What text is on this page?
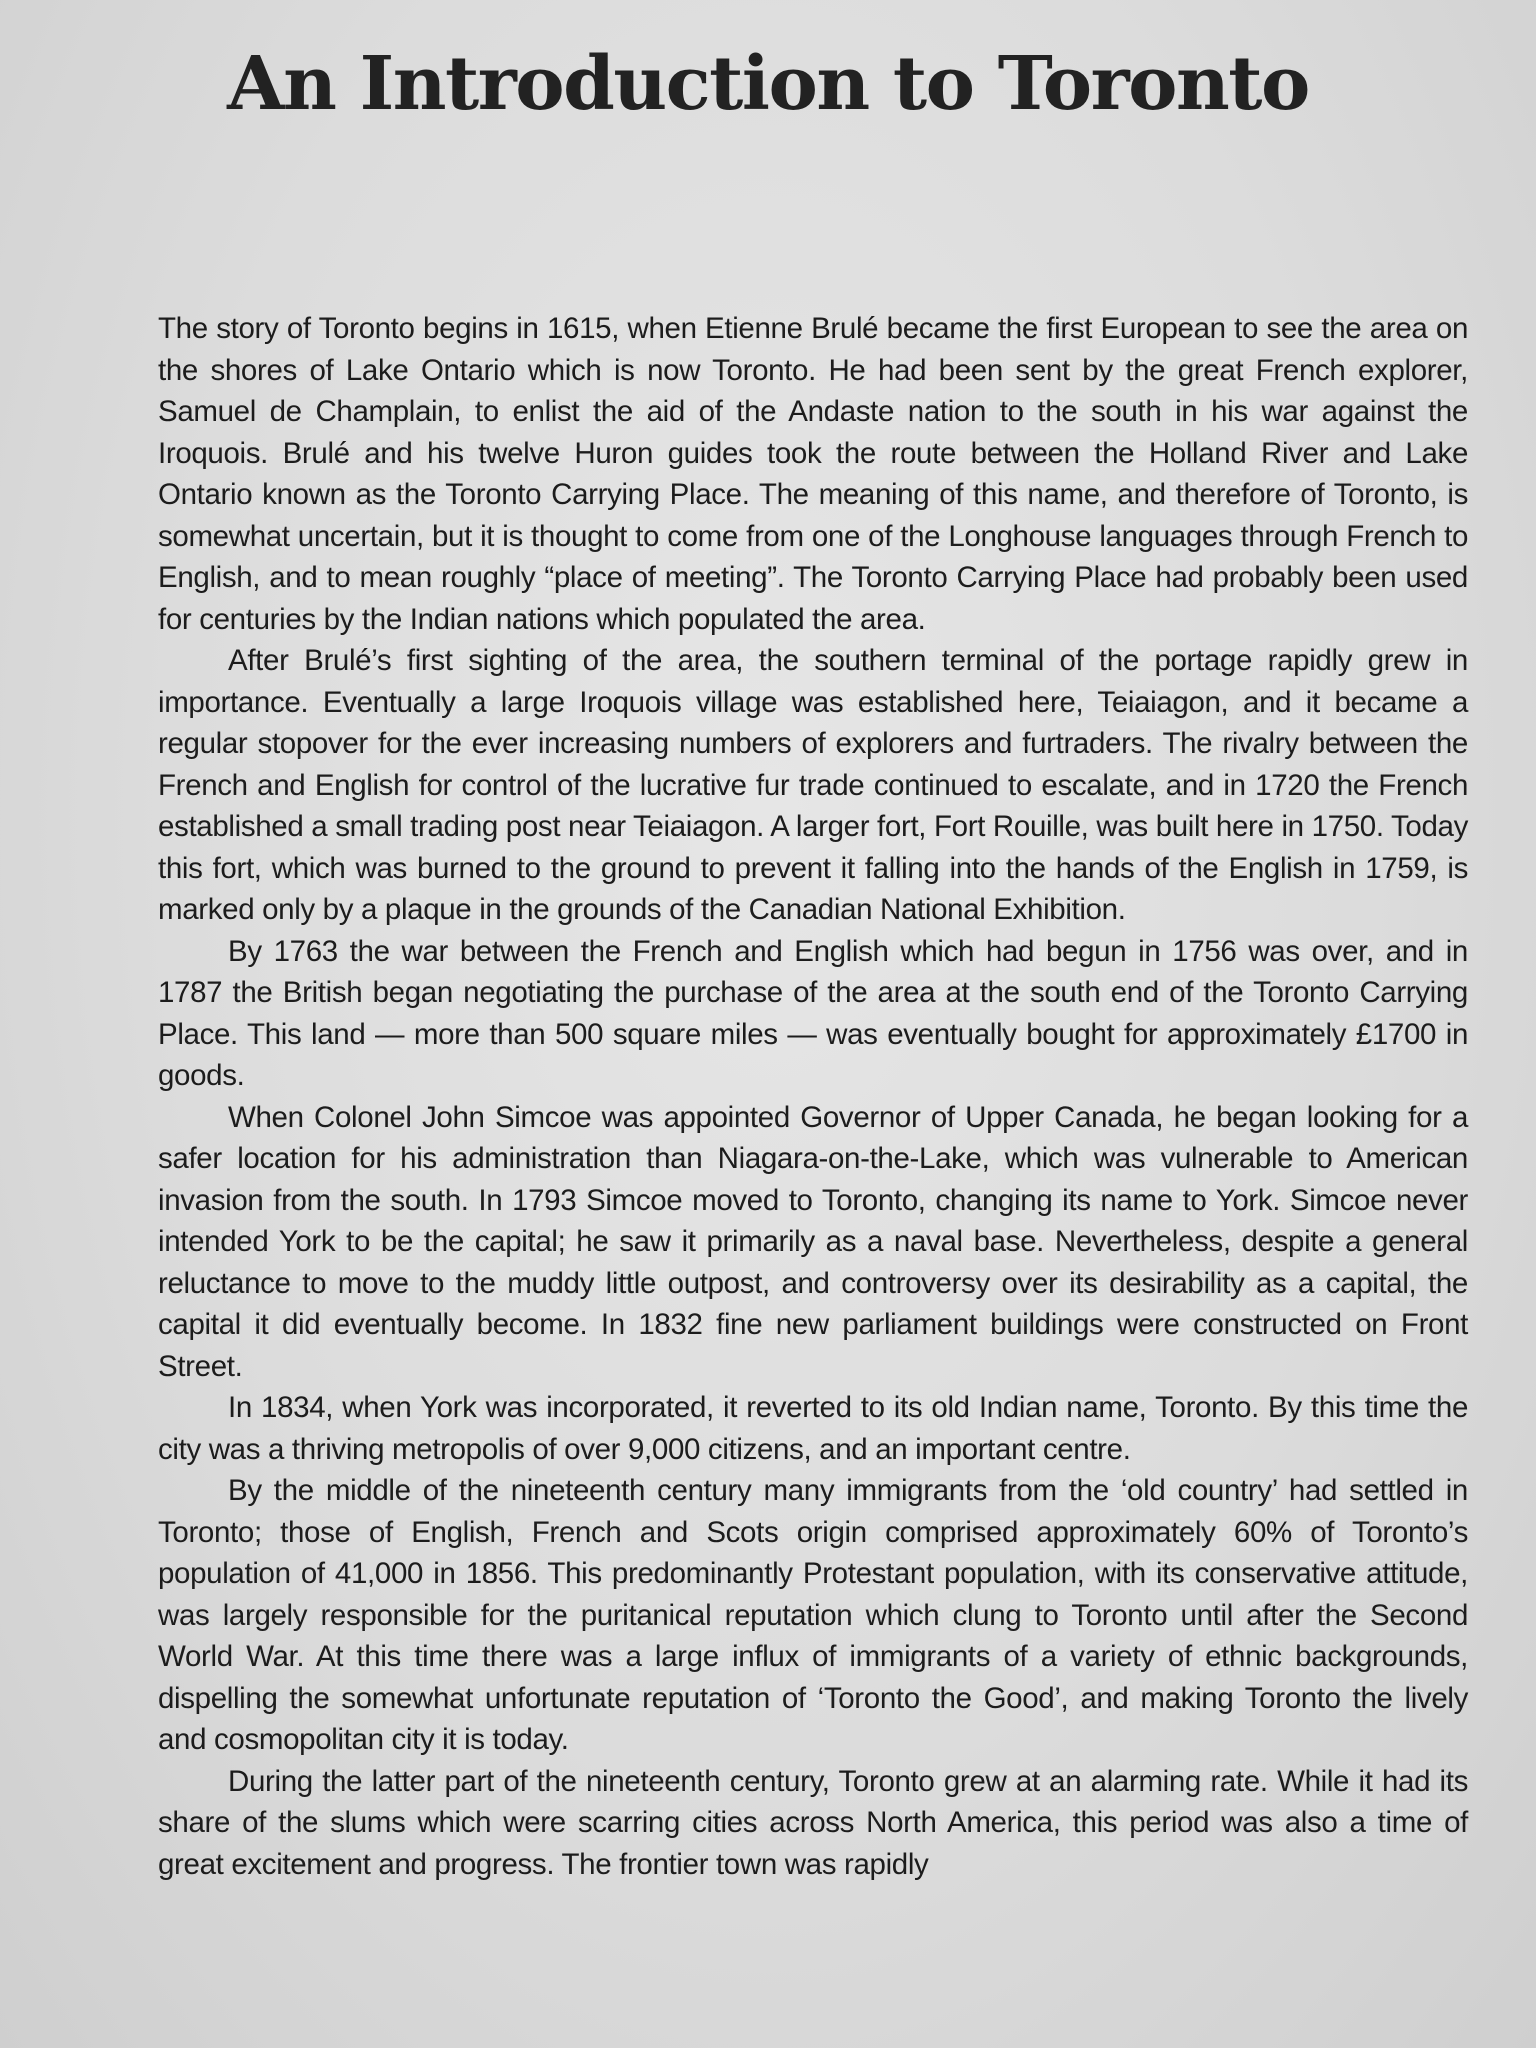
An Introduction to Toronto

The story of Toronto begins in 1615, when Etienne Brulé became the first European to see the area on the shores of Lake Ontario which is now Toronto. He had been sent by the great French explorer, Samuel de Champlain, to enlist the aid of the Andaste nation to the south in his war against the Iroquois. Brulé and his twelve Huron guides took the route between the Holland River and Lake Ontario known as the Toronto Carrying Place. The meaning of this name, and therefore of Toronto, is somewhat uncertain, but it is thought to come from one of the Longhouse languages through French to English, and to mean roughly “place of meeting”. The Toronto Carrying Place had probably been used for centuries by the Indian nations which populated the area.

After Brulé’s first sighting of the area, the southern terminal of the portage rapidly grew in importance. Eventually a large Iroquois village was established here, Teiaiagon, and it became a regular stopover for the ever increasing numbers of explorers and furtraders. The rivalry between the French and English for control of the lucrative fur trade continued to escalate, and in 1720 the French established a small trading post near Teiaiagon. A larger fort, Fort Rouille, was built here in 1750. Today this fort, which was burned to the ground to prevent it falling into the hands of the English in 1759, is marked only by a plaque in the grounds of the Canadian National Exhibition.

By 1763 the war between the French and English which had begun in 1756 was over, and in 1787 the British began negotiating the purchase of the area at the south end of the Toronto Carrying Place. This land — more than 500 square miles — was eventually bought for approximately £1700 in goods.

When Colonel John Simcoe was appointed Governor of Upper Canada, he began looking for a safer location for his administration than Niagara-on-the-Lake, which was vulnerable to American invasion from the south. In 1793 Simcoe moved to Toronto, changing its name to York. Simcoe never intended York to be the capital; he saw it primarily as a naval base. Nevertheless, despite a general reluctance to move to the muddy little outpost, and controversy over its desirability as a capital, the capital it did eventually become. In 1832 fine new parliament buildings were constructed on Front Street.

In 1834, when York was incorporated, it reverted to its old Indian name, Toronto. By this time the city was a thriving metropolis of over 9,000 citizens, and an important centre.

By the middle of the nineteenth century many immigrants from the ‘old country’ had settled in Toronto; those of English, French and Scots origin comprised approximately 60% of Toronto’s population of 41,000 in 1856. This predominantly Protestant population, with its conservative attitude, was largely responsible for the puritanical reputation which clung to Toronto until after the Second World War. At this time there was a large influx of immigrants of a variety of ethnic backgrounds, dispelling the somewhat unfortunate reputation of ‘Toronto the Good’, and making Toronto the lively and cosmopolitan city it is today.

During the latter part of the nineteenth century, Toronto grew at an alarming rate. While it had its share of the slums which were scarring cities across North America, this period was also a time of great excitement and progress. The frontier town was rapidly
